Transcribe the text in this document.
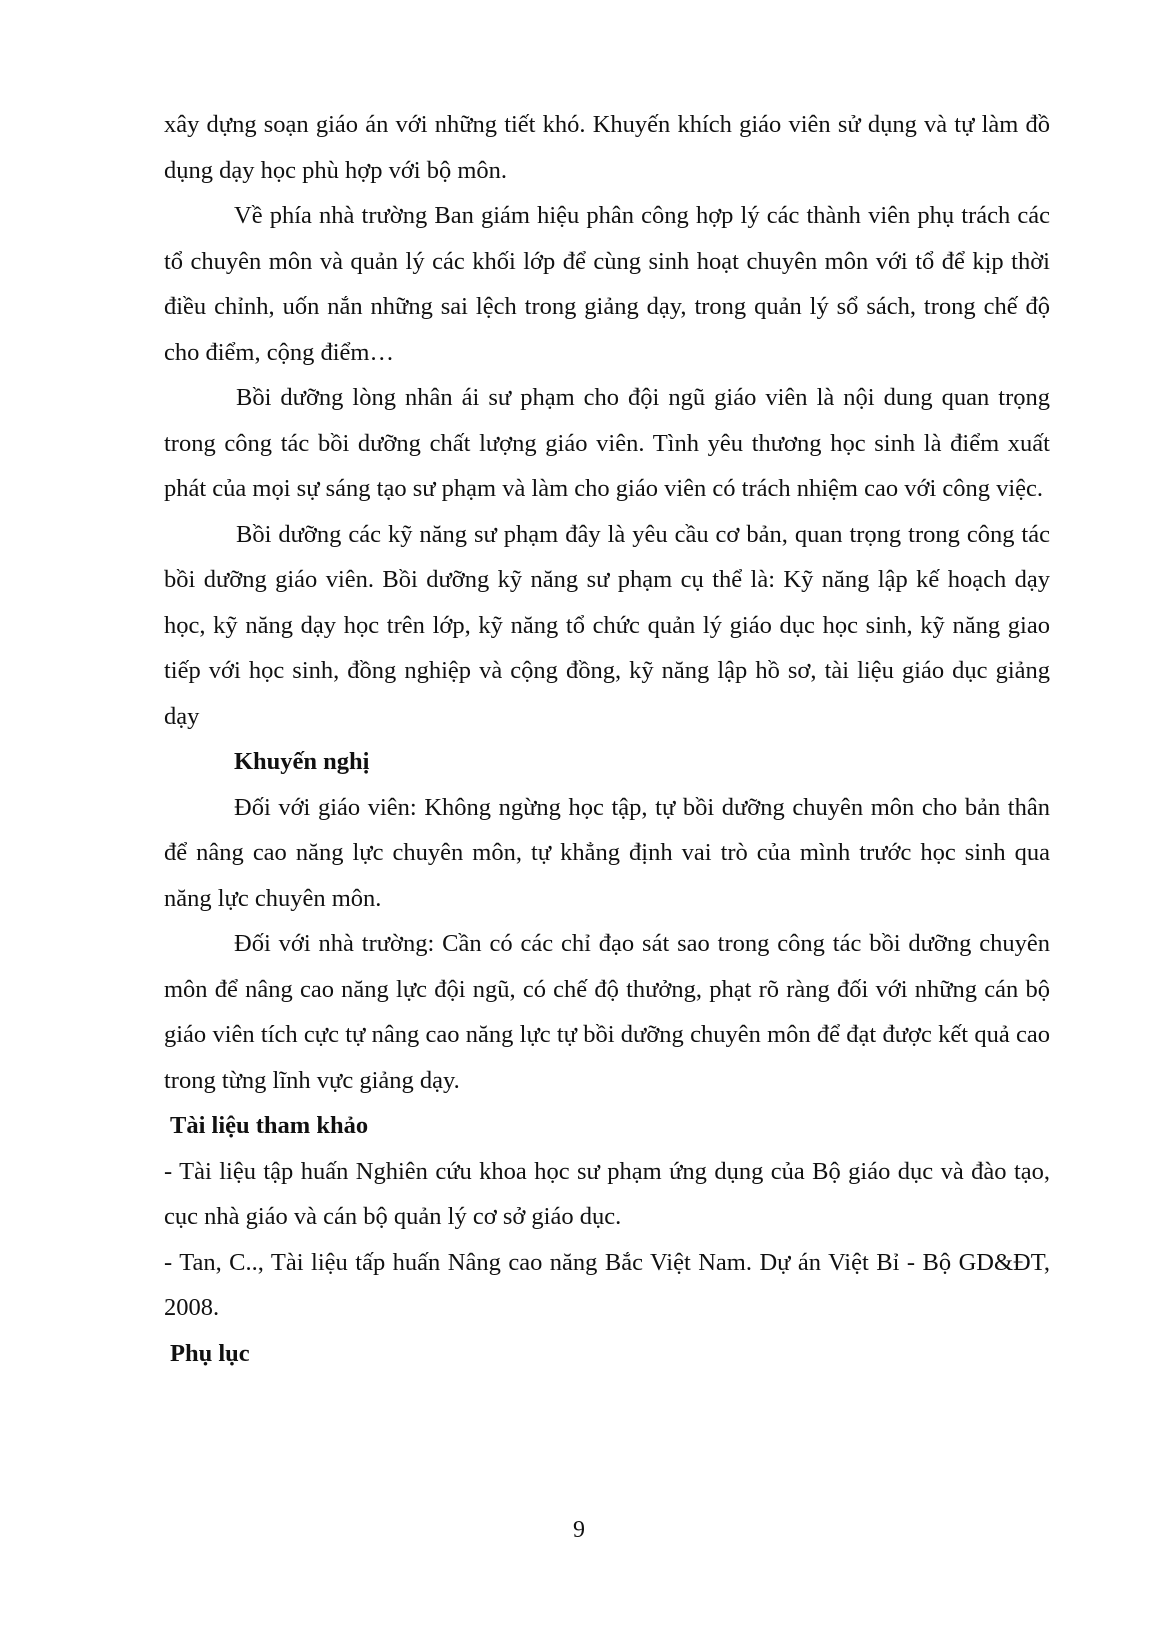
xây dựng soạn giáo án với những tiết khó. Khuyến khích giáo viên sử dụng và tự làm đồ dụng dạy học phù hợp với bộ môn.

Về phía nhà trường Ban giám hiệu phân công hợp lý các thành viên phụ trách các tổ chuyên môn và quản lý các khối lớp để cùng sinh hoạt chuyên môn với tổ để kịp thời điều chỉnh, uốn nắn những sai lệch trong giảng dạy, trong quản lý sổ sách, trong chế độ cho điểm, cộng điểm…

Bồi dưỡng lòng nhân ái sư phạm cho đội ngũ giáo viên là nội dung quan trọng trong công tác bồi dưỡng chất lượng giáo viên. Tình yêu thương học sinh là điểm xuất phát của mọi sự sáng tạo sư phạm và làm cho giáo viên có trách nhiệm cao với công việc.

Bồi dưỡng các kỹ năng sư phạm đây là yêu cầu cơ bản, quan trọng trong công tác bồi dưỡng giáo viên. Bồi dưỡng kỹ năng sư phạm cụ thể là: Kỹ năng lập kế hoạch dạy học, kỹ năng dạy học trên lớp, kỹ năng tổ chức quản lý giáo dục học sinh, kỹ năng giao tiếp với học sinh, đồng nghiệp và cộng đồng, kỹ năng lập hồ sơ, tài liệu giáo dục giảng dạy

Khuyến nghị

Đối với giáo viên: Không ngừng học tập, tự bồi dưỡng chuyên môn cho bản thân để nâng cao năng lực chuyên môn, tự khẳng định vai trò của mình trước học sinh qua năng lực chuyên môn.

Đối với nhà trường: Cần có các chỉ đạo sát sao trong công tác bồi dưỡng chuyên môn để nâng cao năng lực đội ngũ, có chế độ thưởng, phạt rõ ràng đối với những cán bộ giáo viên tích cực tự nâng cao năng lực tự bồi dưỡng chuyên môn để đạt được kết quả cao trong từng lĩnh vực giảng dạy.

Tài liệu tham khảo

- Tài liệu tập huấn Nghiên cứu khoa học sư phạm ứng dụng của Bộ giáo dục và đào tạo, cục nhà giáo và cán bộ quản lý cơ sở giáo dục.

- Tan, C.., Tài liệu tấp huấn Nâng cao năng Bắc Việt Nam. Dự án Việt Bỉ - Bộ GD&ĐT, 2008.

Phụ lục

9
